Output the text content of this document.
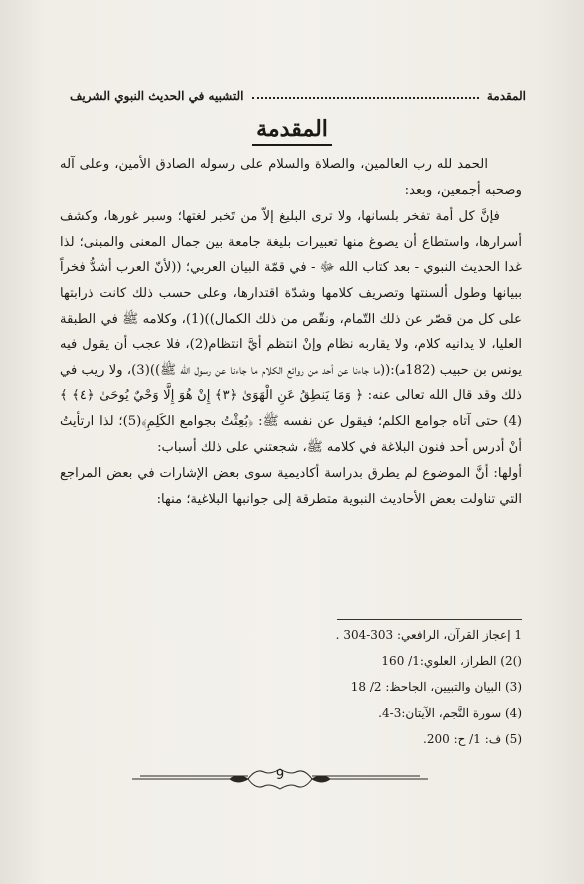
المقدمة
التشبيه في الحديث النبوي الشريف
المقدمة

الحمد لله رب العالمين، والصلاة والسلام على رسوله الصادق الأمين، وعلى آله وصحبه أجمعين، وبعد:

فإنَّ كل أمة تفخر بلسانها، ولا ترى البليغ إلاّ من تَخبر لغتها؛ وسبر غورها، وكشف أسرارها، واستطاع أن يصوغ منها تعبيرات بليغة جامعة بين جمال المعنى والمبنى؛ لذا غدا الحديث النبوي - بعد كتاب الله ﷻ - في قمّة البيان العربي؛ ((لأنّ العرب أشدُّ فخراً ببيانها وطول ألسنتها وتصريف كلامها وشدّة اقتدارها، وعلى حسب ذلك كانت ذرابتها على كل من قصّر عن ذلك التّمام، ونقّص من ذلك الكمال))(1)، وكلامه ﷺ في الطبقة العليا، لا يدانيه كلام، ولا يقاربه نظام وإنْ انتظم أيَّ انتظام(2)، فلا عجب أن يقول فيه يونس بن حبيب (182هـ):((ما جاءنا عن أحد من روائع الكلام ما جاءنا عن رسول الله ﷺ))(3)، ولا ريب في ذلك وقد قال الله تعالى عنه: ﴿ وَمَا يَنطِقُ عَنِ الْهَوَىٰ ﴿٣﴾ إِنْ هُوَ إِلَّا وَحْيٌ يُوحَىٰ ﴿٤﴾ ﴾(4) حتى آتاه جوامع الكلم؛ فيقول عن نفسه ﷺ: ﴿بُعِثْتُ بجوامع الكَلِمِ﴾(5)؛ لذا ارتأيتُ أنْ أدرس أحد فنون البلاغة في كلامه ﷺ، شجعتني على ذلك أسباب:

أولها: أنَّ الموضوع لم يطرق بدراسة أكاديمية سوى بعض الإشارات في بعض المراجع التي تناولت بعض الأحاديث النبوية متطرقة إلى جوانبها البلاغية؛ منها:

1 إعجاز القرآن، الرافعي: 303-304 .
()2) الطراز، العلوي:1/ 160
(3) البيان والتبيين، الجاحظ: 2/ 18
(4) سورة النَّجم، الآيتان:3-4.
(5) ف: 1/ ح: 200.
9
